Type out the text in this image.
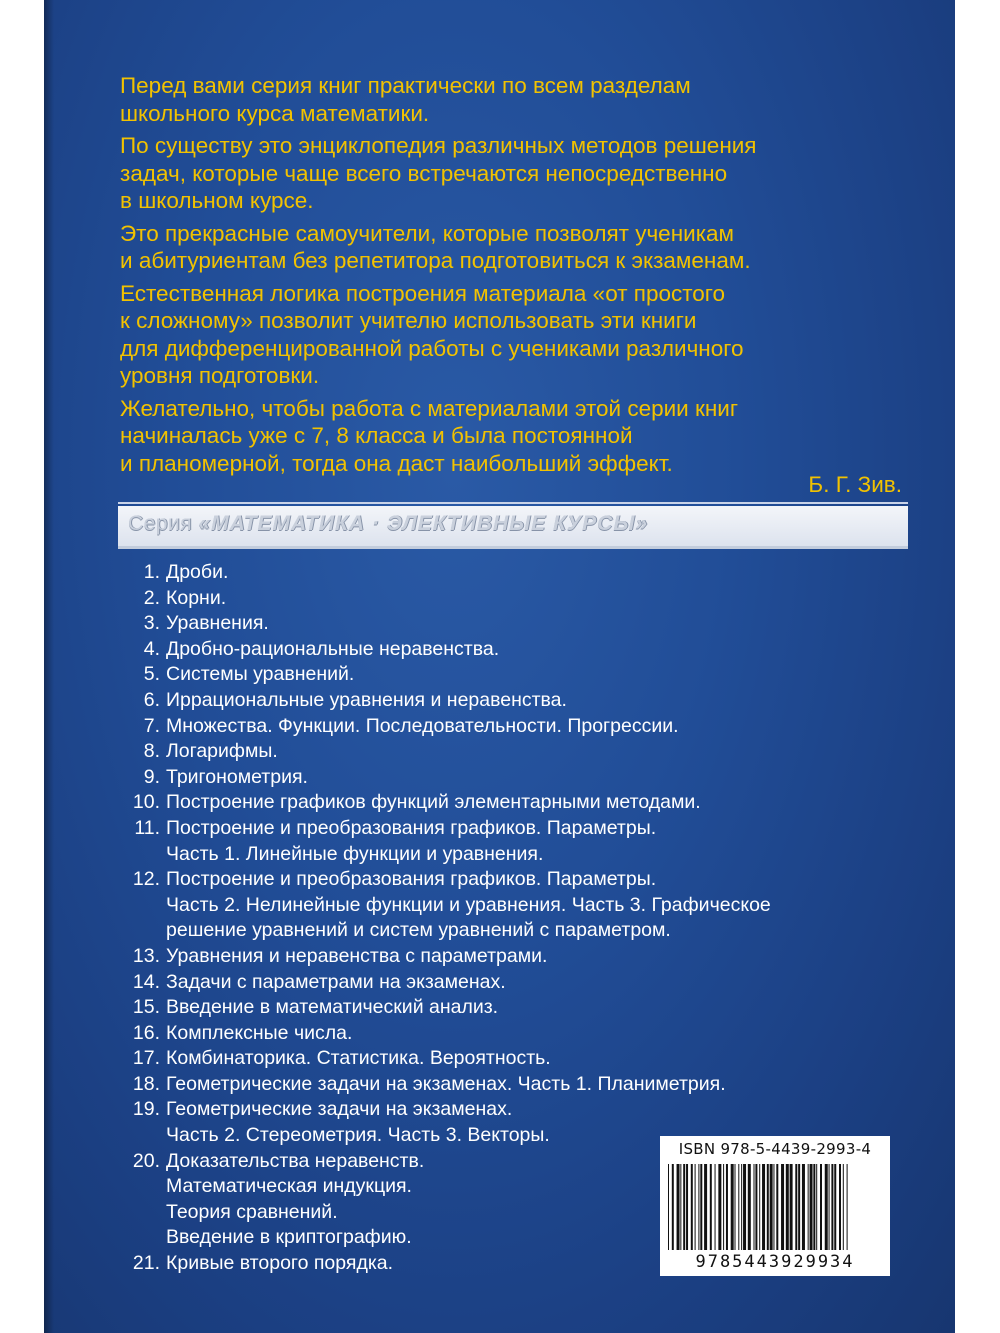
Перед вами серия книг практически по всем разделам
школьного курса математики.

По существу это энциклопедия различных методов решения
задач, которые чаще всего встречаются непосредственно
в школьном курсе.

Это прекрасные самоучители, которые позволят ученикам
и абитуриентам без репетитора подготовиться к экзаменам.

Естественная логика построения материала «от простого
к сложному» позволит учителю использовать эти книги
для дифференцированной работы с учениками различного
уровня подготовки.

Желательно, чтобы работа с материалами этой серии книг
начиналась уже с 7, 8 класса и была постоянной
и планомерной, тогда она даст наибольший эффект.

Б. Г. Зив.
Серия «МАТЕМАТИКА · ЭЛЕКТИВНЫЕ КУРСЫ»
1. Дроби.
2. Корни.
3. Уравнения.
4. Дробно-рациональные неравенства.
5. Системы уравнений.
6. Иррациональные уравнения и неравенства.
7. Множества. Функции. Последовательности. Прогрессии.
8. Логарифмы.
9. Тригонометрия.
10. Построение графиков функций элементарными методами.
11. Построение и преобразования графиков. Параметры.
Часть 1. Линейные функции и уравнения.
12. Построение и преобразования графиков. Параметры.
Часть 2. Нелинейные функции и уравнения. Часть 3. Графическое
решение уравнений и систем уравнений с параметром.
13. Уравнения и неравенства с параметрами.
14. Задачи с параметрами на экзаменах.
15. Введение в математический анализ.
16. Комплексные числа.
17. Комбинаторика. Статистика. Вероятность.
18. Геометрические задачи на экзаменах. Часть 1. Планиметрия.
19. Геометрические задачи на экзаменах.
Часть 2. Стереометрия. Часть 3. Векторы.
20. Доказательства неравенств.
Математическая индукция.
Теория сравнений.
Введение в криптографию.
21. Кривые второго порядка.
ISBN 978-5-4439-2993-4
9785443929934
